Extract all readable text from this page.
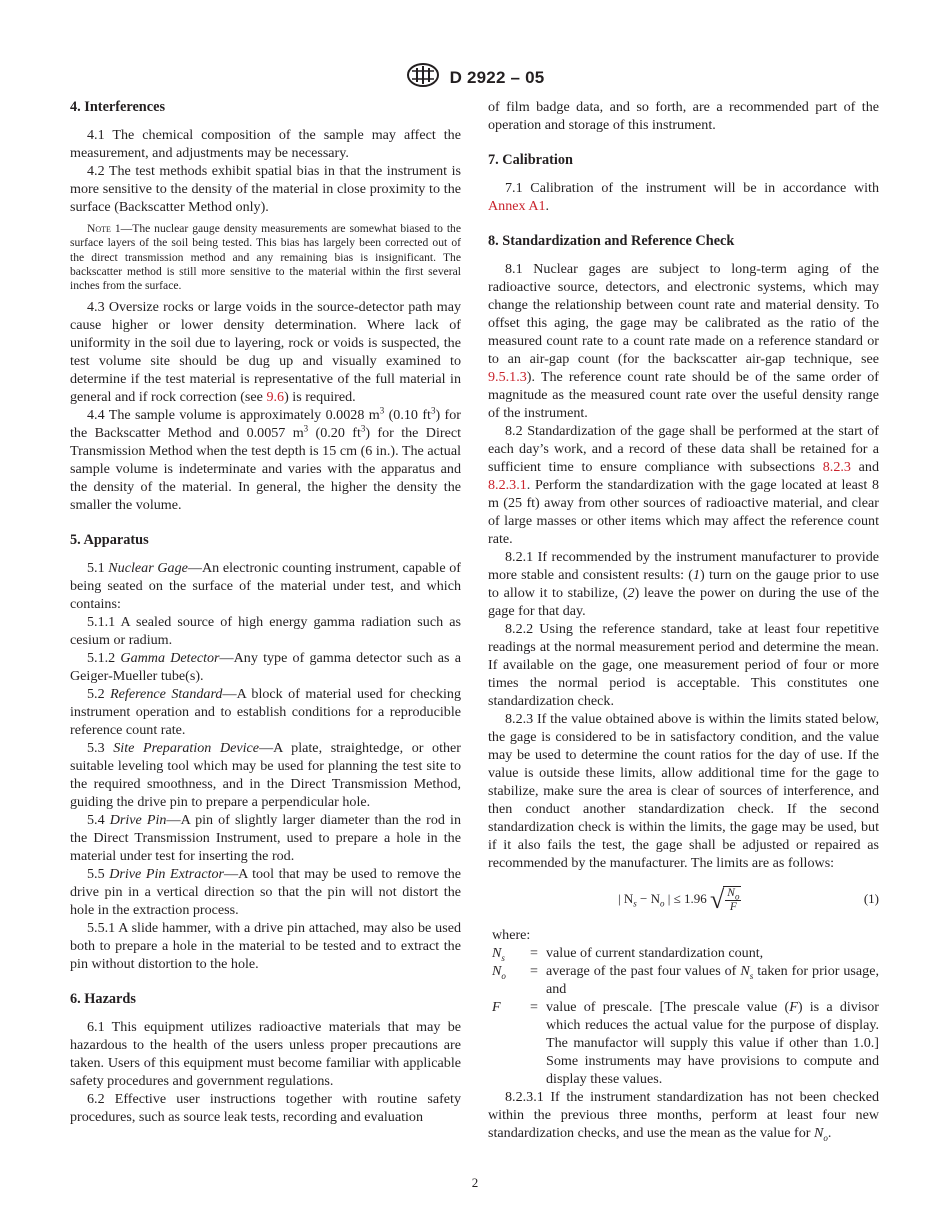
D 2922 – 05
4. Interferences

4.1 The chemical composition of the sample may affect the measurement, and adjustments may be necessary.

4.2 The test methods exhibit spatial bias in that the instrument is more sensitive to the density of the material in close proximity to the surface (Backscatter Method only).

Note 1—The nuclear gauge density measurements are somewhat biased to the surface layers of the soil being tested. This bias has largely been corrected out of the direct transmission method and any remaining bias is insignificant. The backscatter method is still more sensitive to the material within the first several inches from the surface.

4.3 Oversize rocks or large voids in the source-detector path may cause higher or lower density determination. Where lack of uniformity in the soil due to layering, rock or voids is suspected, the test volume site should be dug up and visually examined to determine if the test material is representative of the full material in general and if rock correction (see 9.6) is required.

4.4 The sample volume is approximately 0.0028 $m^3$ (0.10 $ft^3$) for the Backscatter Method and 0.0057 $m^3$ (0.20 $ft^3$) for the Direct Transmission Method when the test depth is 15 cm (6 in.). The actual sample volume is indeterminate and varies with the apparatus and the density of the material. In general, the higher the density the smaller the volume.

5. Apparatus

5.1 Nuclear Gage—An electronic counting instrument, capable of being seated on the surface of the material under test, and which contains:

5.1.1 A sealed source of high energy gamma radiation such as cesium or radium.

5.1.2 Gamma Detector—Any type of gamma detector such as a Geiger-Mueller tube(s).

5.2 Reference Standard—A block of material used for checking instrument operation and to establish conditions for a reproducible reference count rate.

5.3 Site Preparation Device—A plate, straightedge, or other suitable leveling tool which may be used for planning the test site to the required smoothness, and in the Direct Transmission Method, guiding the drive pin to prepare a perpendicular hole.

5.4 Drive Pin—A pin of slightly larger diameter than the rod in the Direct Transmission Instrument, used to prepare a hole in the material under test for inserting the rod.

5.5 Drive Pin Extractor—A tool that may be used to remove the drive pin in a vertical direction so that the pin will not distort the hole in the extraction process.

5.5.1 A slide hammer, with a drive pin attached, may also be used both to prepare a hole in the material to be tested and to extract the pin without distortion to the hole.

6. Hazards

6.1 This equipment utilizes radioactive materials that may be hazardous to the health of the users unless proper precautions are taken. Users of this equipment must become familiar with applicable safety procedures and government regulations.

6.2 Effective user instructions together with routine safety procedures, such as source leak tests, recording and evaluation

of film badge data, and so forth, are a recommended part of the operation and storage of this instrument.

7. Calibration

7.1 Calibration of the instrument will be in accordance with Annex A1.

8. Standardization and Reference Check

8.1 Nuclear gages are subject to long-term aging of the radioactive source, detectors, and electronic systems, which may change the relationship between count rate and material density. To offset this aging, the gage may be calibrated as the ratio of the measured count rate to a count rate made on a reference standard or to an air-gap count (for the backscatter air-gap technique, see 9.5.1.3). The reference count rate should be of the same order of magnitude as the measured count rate over the useful density range of the instrument.

8.2 Standardization of the gage shall be performed at the start of each day’s work, and a record of these data shall be retained for a sufficient time to ensure compliance with subsections 8.2.3 and 8.2.3.1. Perform the standardization with the gage located at least 8 m (25 ft) away from other sources of radioactive material, and clear of large masses or other items which may affect the reference count rate.

8.2.1 If recommended by the instrument manufacturer to provide more stable and consistent results: (1) turn on the gauge prior to use to allow it to stabilize, (2) leave the power on during the use of the gage for that day.

8.2.2 Using the reference standard, take at least four repetitive readings at the normal measurement period and determine the mean. If available on the gage, one measurement period of four or more times the normal period is acceptable. This constitutes one standardization check.

8.2.3 If the value obtained above is within the limits stated below, the gage is considered to be in satisfactory condition, and the value may be used to determine the count ratios for the day of use. If the value is outside these limits, allow additional time for the gage to stabilize, make sure the area is clear of sources of interference, and then conduct another standardization check. If the second standardization check is within the limits, the gage may be used, but if it also fails the test, the gage shall be adjusted or repaired as recommended by the manufacturer. The limits are as follows:

| $N_s - N_o$ | ≤ 1.96 √ $\frac{N_o}{F}$	(1)

where:

$N_s$	= value of current standardization count,
$N_o$	= average of the past four values of $N_s$ taken for prior usage, and
F	= value of prescale. [The prescale value (F) is a divisor which reduces the actual value for the purpose of display. The manufactor will supply this value if other than 1.0.] Some instruments may have provisions to compute and display these values.

8.2.3.1 If the instrument standardization has not been checked within the previous three months, perform at least four new standardization checks, and use the mean as the value for $N_o$.

2
